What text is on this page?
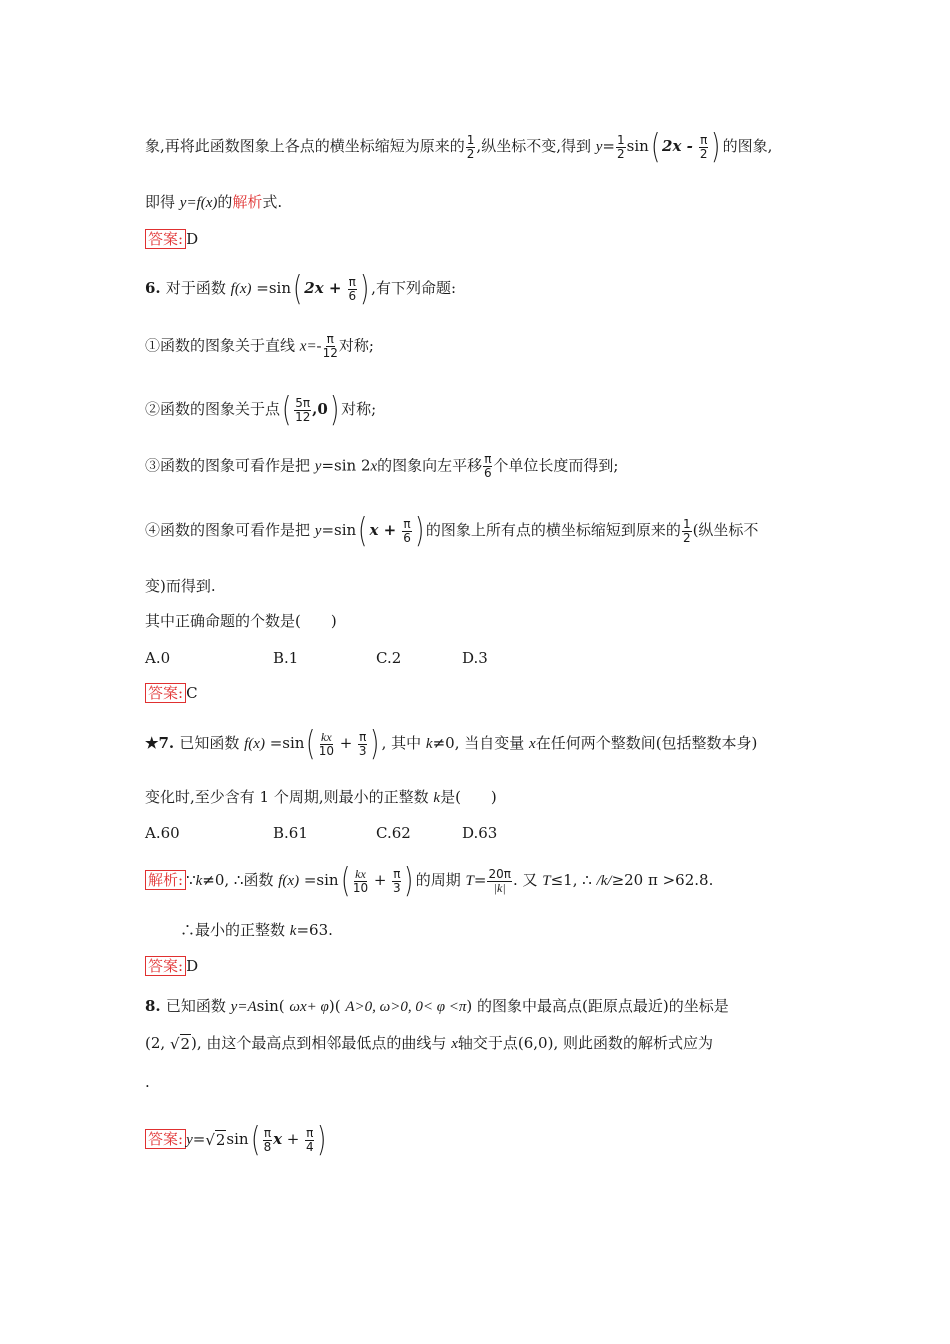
象,再将此函数图象上各点的横坐标缩短为原来的 $\frac{1}{2}$ ,纵坐标不变,得到 $y= \frac{1}{2} \sin$( $2x - \frac{\pi}{2}$ ) 的图象,
即得 y=f(x)的解析式.
答案: D
6. 对于函数 f(x) =sin( $2x + \frac{\pi}{6}$ ) ,有下列命题:
①函数的图象关于直线 $x=- \frac{\pi}{12}$ 对称;
②函数的图象关于点( $\frac{5\pi}{12} ,0$) 对称;
③函数的图象可看作是把 y=sin 2x的图象向左平移 $\frac{\pi}{6}$ 个单位长度而得到;
④函数的图象可看作是把 y=sin( $x + \frac{\pi}{6}$ ) 的图象上所有点的横坐标缩短到原来的 $\frac{1}{2}$ (纵坐标不
变)而得到.
其中正确命题的个数是(　　)
A.0	B.1	C.2	D.3
答案: C
★7. 已知函数 $f(x) =\sin( \frac{kx}{10} + \frac{\pi}{3}$ ) , 其中 k≠0, 当自变量 x在任何两个整数间(包括整数本身)
变化时,至少含有 1 个周期,则最小的正整数 k是(　　)
A.60	B.61	C.62	D.63
解析: ∵k≠0, ∴函数 $f(x) =\sin( \frac{kx}{10} + \frac{\pi}{3}$ ) 的周期 $T= \frac{20\pi}{|k|}$ . 又 T≤1, ∴ /k/≥20 π >62.8.
∴最小的正整数 k=63.
答案: D
8. 已知函数 y=Asin( ωx+ φ)( A>0, ω>0, 0< φ <π) 的图象中最高点(距原点最近)的坐标是
(2, √2), 由这个最高点到相邻最低点的曲线与 x轴交于点(6,0), 则此函数的解析式应为
.
答案: $y=√2\sin( \frac{\pi}{8}$ $x + \frac{\pi}{4}$ )
